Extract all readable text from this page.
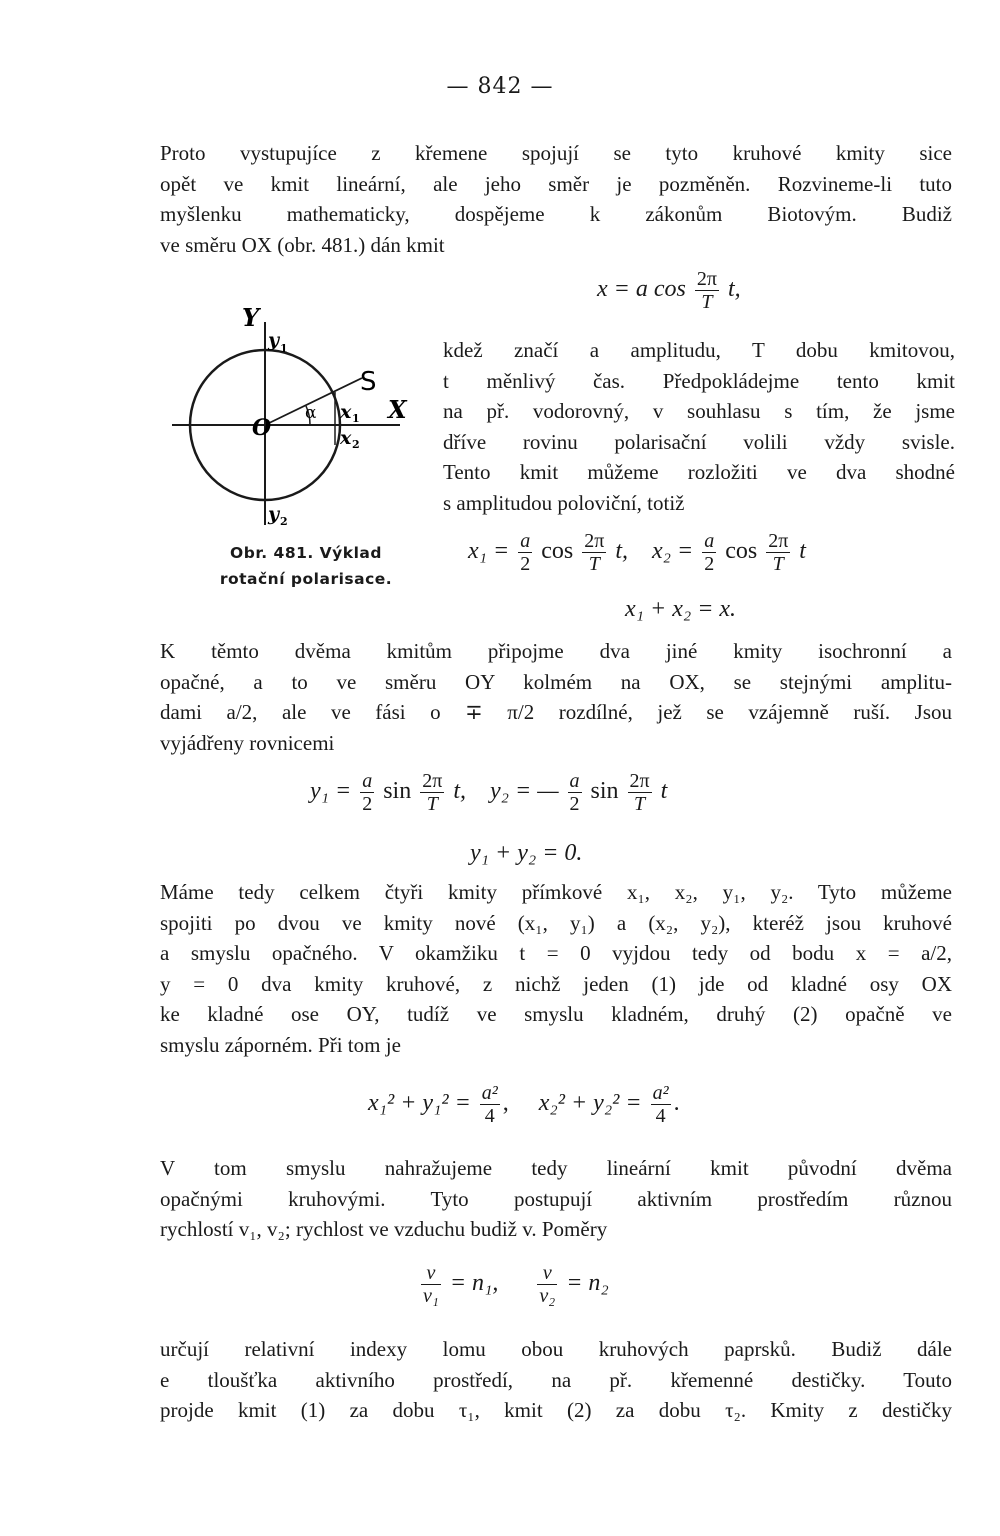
— 842 —
Proto vystupujíce z křemene spojují se tyto kruhové kmity sice
opět ve kmit lineární, ale jeho směr je pozměněn. Rozvineme-li tuto
myšlenku mathematicky, dospějeme k zákonům Biotovým. Budiž
ve směru OX (obr. 481.) dán kmit
x = a $\cos \frac{2\pi}{T} t$,
Y
y 1
S
O
α x 1 X
x 2
y 2
Obr. 481. Výklad
rotační polarisace.
kdež značí a amplitudu, T dobu kmitovou,
t měnlivý čas. Předpokládejme tento kmit
na př. vodorovný, v souhlasu s tím, že jsme
dříve rovinu polarisační volili vždy svisle.
Tento kmit můžeme rozložiti ve dva shodné
s amplitudou poloviční, totiž
$x_1 = \frac{a}{2}$ $\cos \frac{2\pi}{T} t$, $x_2 = \frac{a}{2}$ $\cos \frac{2\pi}{T}$ t
x₁ + x₂ = x.
K těmto dvěma kmitům připojme dva jiné kmity isochronní a
opačné, a to ve směru OY kolmém na OX, se stejnými amplitu-
dami a/2, ale ve fási o ∓ π/2 rozdílné, jež se vzájemně ruší. Jsou
vyjádřeny rovnicemi
$y_1 = \frac{a}{2}$ $\sin \frac{2\pi}{T} t$, y₂ = — $\frac{a}{2}$ $\sin \frac{2\pi}{T}$ t
y₁ + y₂ = 0.
Máme tedy celkem čtyři kmity přímkové x₁, x₂, y₁, y₂. Tyto můžeme
spojiti po dvou ve kmity nové (x₁, y₁) a (x₂, y₂), kteréž jsou kruhové
a smyslu opačného. V okamžiku t = 0 vyjdou tedy od bodu x = a/2,
y = 0 dva kmity kruhové, z nichž jeden (1) jde od kladné osy OX
ke kladné ose OY, tudíž ve smyslu kladném, druhý (2) opačně ve
smyslu záporném. Při tom je
$x_1^2 + y_1^2 = \frac{\text{a²}}{4}$ , $x_2^2 + y_2^2 = \frac{\text{a²}}{4}$ .
V tom smyslu nahražujeme tedy lineární kmit původní dvěma
opačnými kruhovými. Tyto postupují aktivním prostředím různou
rychlostí v₁, v₂; rychlost ve vzduchu budiž v. Poměry
$\frac{v}{\text{v₁}} = n_1$, $\frac{v}{\text{v₂}} = n_2$
určují relativní indexy lomu obou kruhových paprsků. Budiž dále
e tloušťka aktivního prostředí, na př. křemenné destičky. Touto
projde kmit (1) za dobu τ₁, kmit (2) za dobu τ₂. Kmity z destičky
